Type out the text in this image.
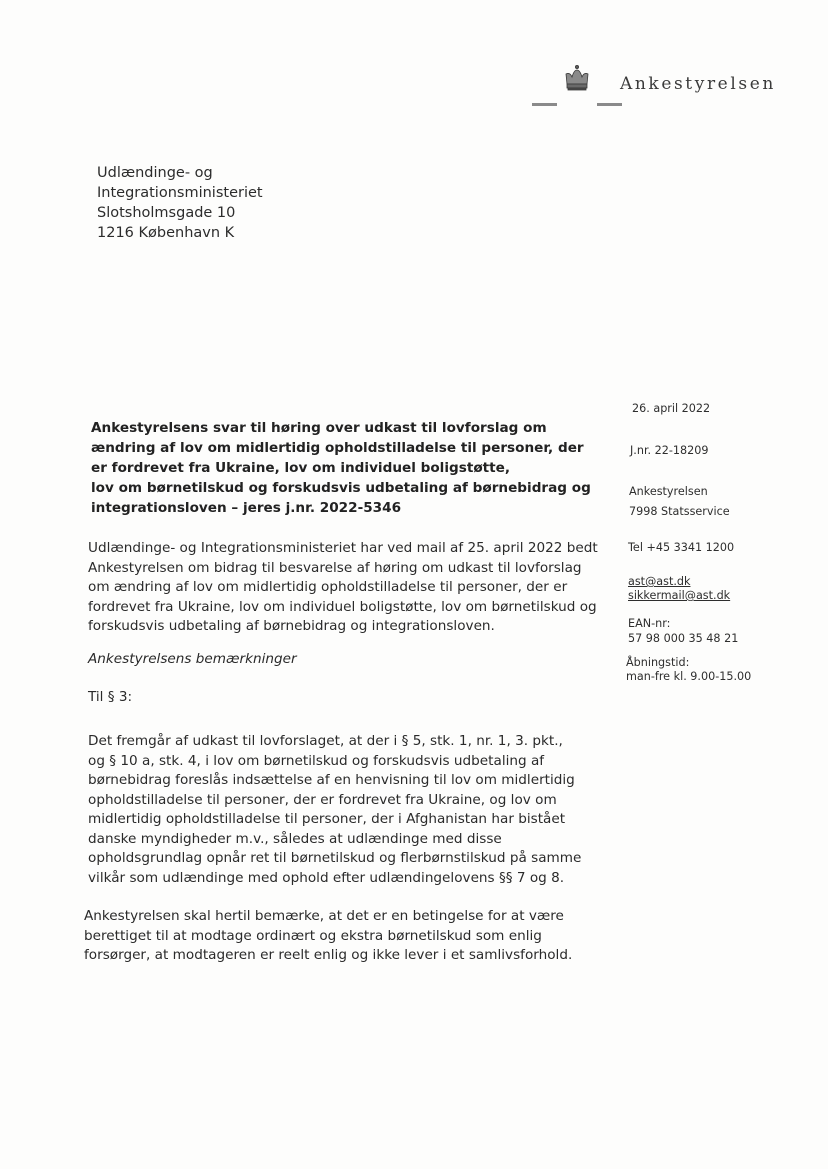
Ankestyrelsen
Udlændinge- og
Integrationsministeriet
Slotsholmsgade 10
1216 København K
Ankestyrelsens svar til høring over udkast til lovforslag om
ændring af lov om midlertidig opholdstilladelse til personer, der
er fordrevet fra Ukraine, lov om individuel boligstøtte,
lov om børnetilskud og forskudsvis udbetaling af børnebidrag og
integrationsloven – jeres j.nr. 2022-5346
Udlændinge- og Integrationsministeriet har ved mail af 25. april 2022 bedt
Ankestyrelsen om bidrag til besvarelse af høring om udkast til lovforslag
om ændring af lov om midlertidig opholdstilladelse til personer, der er
fordrevet fra Ukraine, lov om individuel boligstøtte, lov om børnetilskud og
forskudsvis udbetaling af børnebidrag og integrationsloven.
Ankestyrelsens bemærkninger
Til § 3:
Det fremgår af udkast til lovforslaget, at der i § 5, stk. 1, nr. 1, 3. pkt.,
og § 10 a, stk. 4, i lov om børnetilskud og forskudsvis udbetaling af
børnebidrag foreslås indsættelse af en henvisning til lov om midlertidig
opholdstilladelse til personer, der er fordrevet fra Ukraine, og lov om
midlertidig opholdstilladelse til personer, der i Afghanistan har bistået
danske myndigheder m.v., således at udlændinge med disse
opholdsgrundlag opnår ret til børnetilskud og flerbørnstilskud på samme
vilkår som udlændinge med ophold efter udlændingelovens §§ 7 og 8.
Ankestyrelsen skal hertil bemærke, at det er en betingelse for at være
berettiget til at modtage ordinært og ekstra børnetilskud som enlig
forsørger, at modtageren er reelt enlig og ikke lever i et samlivsforhold.
26. april 2022
J.nr. 22-18209
Ankestyrelsen
7998 Statsservice
Tel +45 3341 1200
ast@ast.dk
sikkermail@ast.dk
EAN-nr:
57 98 000 35 48 21
Åbningstid:
man-fre kl. 9.00-15.00
